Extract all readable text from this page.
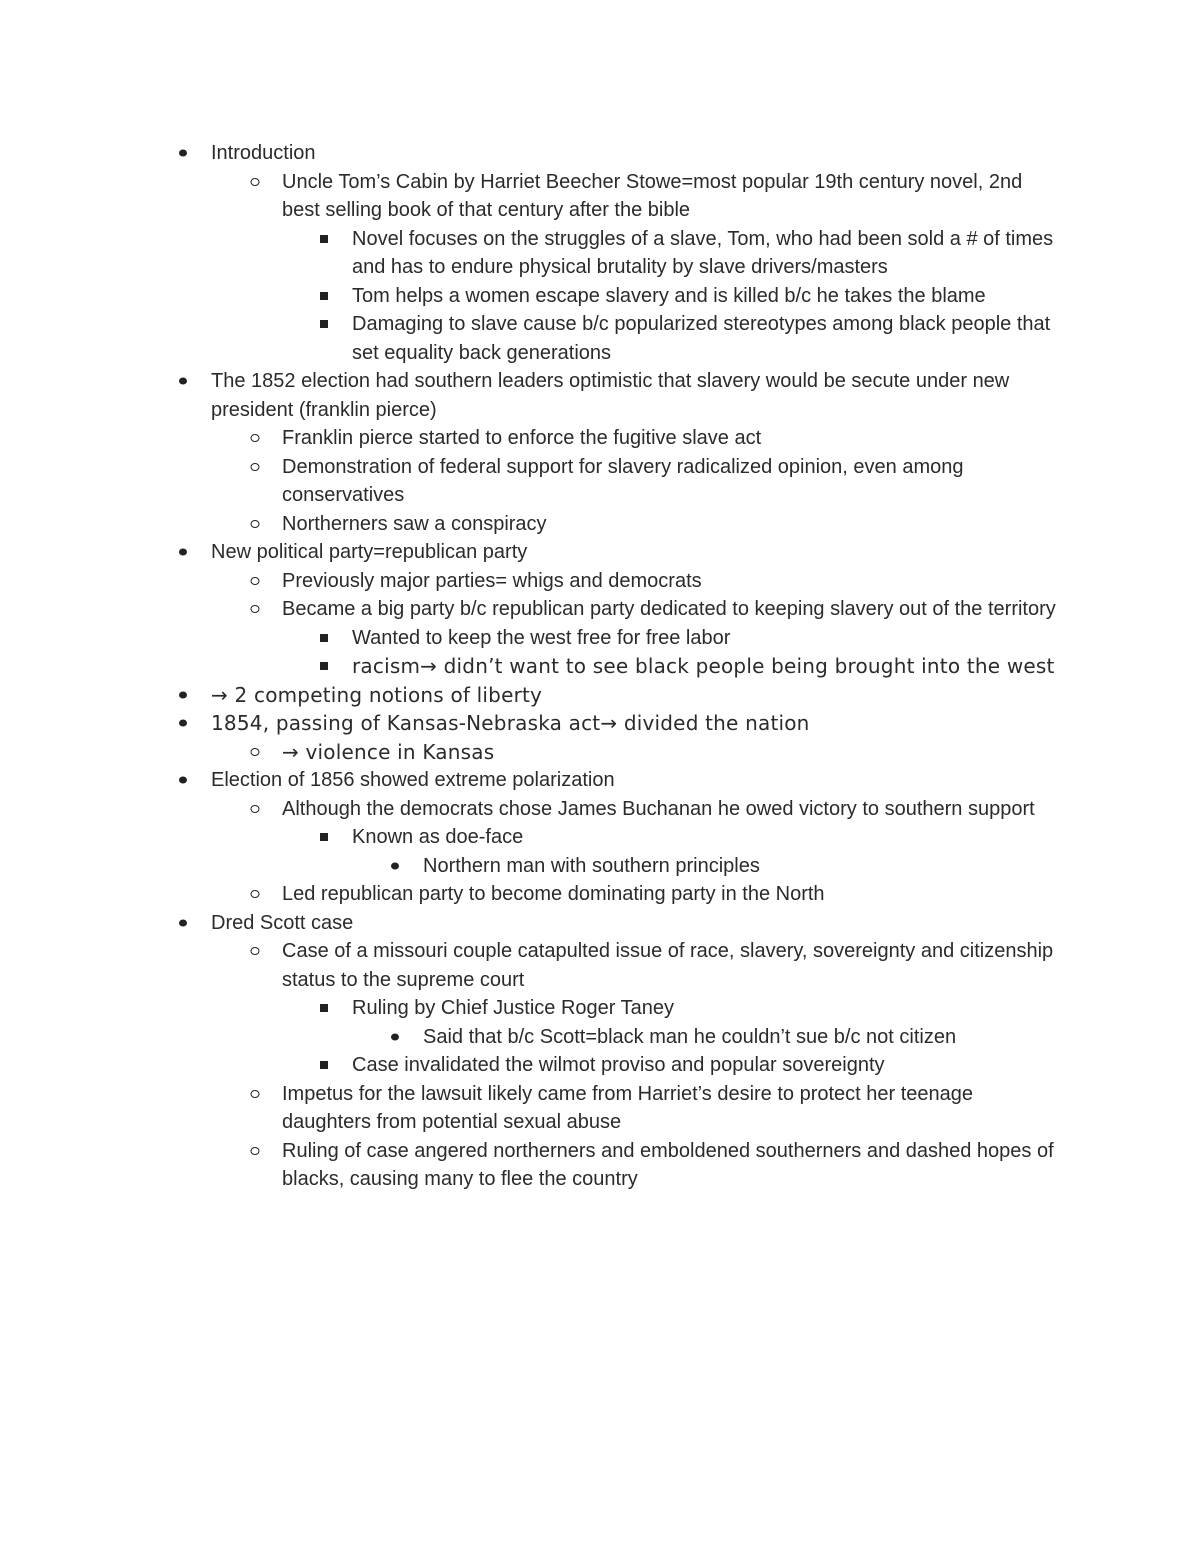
Introduction
Uncle Tom’s Cabin by Harriet Beecher Stowe=most popular 19th century novel, 2nd best selling book of that century after the bible
Novel focuses on the struggles of a slave, Tom, who had been sold a # of times and has to endure physical brutality by slave drivers/masters
Tom helps a women escape slavery and is killed b/c he takes the blame
Damaging to slave cause b/c popularized stereotypes among black people that set equality back generations
The 1852 election had southern leaders optimistic that slavery would be secute under new president (franklin pierce)
Franklin pierce started to enforce the fugitive slave act
Demonstration of federal support for slavery radicalized opinion, even among conservatives
Northerners saw a conspiracy
New political party=republican party
Previously major parties= whigs and democrats
Became a big party b/c republican party dedicated to keeping slavery out of the territory
Wanted to keep the west free for free labor
racism→ didn’t want to see black people being brought into the west
→ 2 competing notions of liberty
1854, passing of Kansas-Nebraska act→ divided the nation
→ violence in Kansas
Election of 1856 showed extreme polarization
Although the democrats chose James Buchanan he owed victory to southern support
Known as doe-face
Northern man with southern principles
Led republican party to become dominating party in the North
Dred Scott case
Case of a missouri couple catapulted issue of race, slavery, sovereignty and citizenship status to the supreme court
Ruling by Chief Justice Roger Taney
Said that b/c Scott=black man he couldn’t sue b/c not citizen
Case invalidated the wilmot proviso and popular sovereignty
Impetus for the lawsuit likely came from Harriet’s desire to protect her teenage daughters from potential sexual abuse
Ruling of case angered northerners and emboldened southerners and dashed hopes of blacks, causing many to flee the country
